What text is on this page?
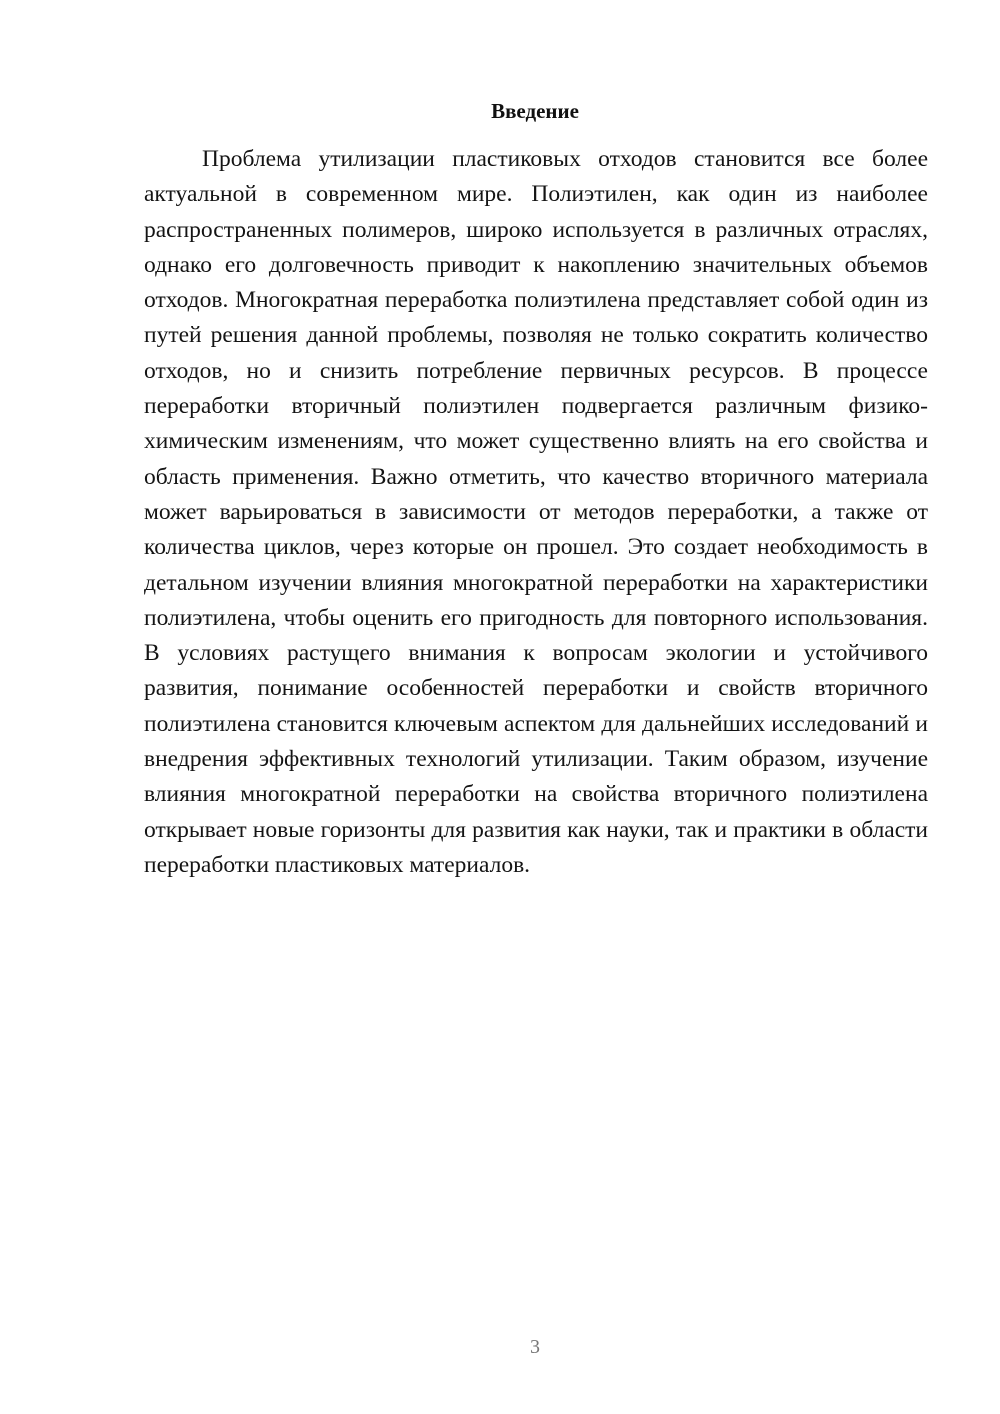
Введение

Проблема утилизации пластиковых отходов становится все более актуальной в современном мире. Полиэтилен, как один из наиболее распространенных полимеров, широко используется в различных отраслях, однако его долговечность приводит к накоплению значительных объемов отходов. Многократная переработка полиэтилена представляет собой один из путей решения данной проблемы, позволяя не только сократить количество отходов, но и снизить потребление первичных ресурсов. В процессе переработки вторичный полиэтилен подвергается различным физико-химическим изменениям, что может существенно влиять на его свойства и область применения. Важно отметить, что качество вторичного материала может варьироваться в зависимости от методов переработки, а также от количества циклов, через которые он прошел. Это создает необходимость в детальном изучении влияния многократной переработки на характеристики полиэтилена, чтобы оценить его пригодность для повторного использования. В условиях растущего внимания к вопросам экологии и устойчивого развития, понимание особенностей переработки и свойств вторичного полиэтилена становится ключевым аспектом для дальнейших исследований и внедрения эффективных технологий утилизации. Таким образом, изучение влияния многократной переработки на свойства вторичного полиэтилена открывает новые горизонты для развития как науки, так и практики в области переработки пластиковых материалов.

3
